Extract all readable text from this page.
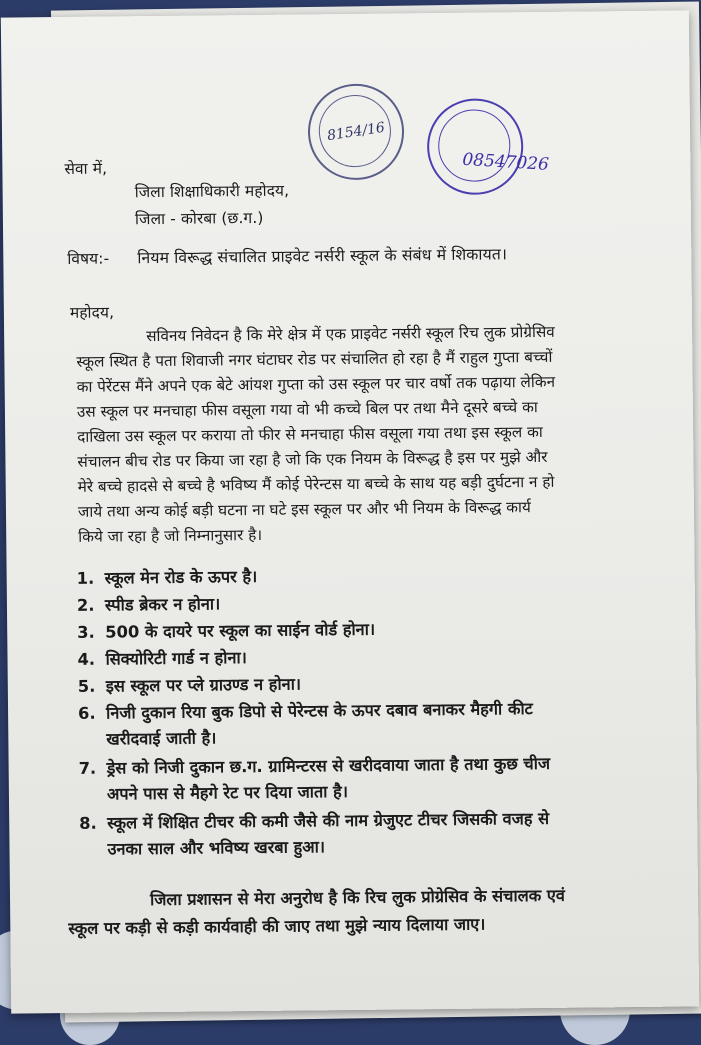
8154/16
08547026
सेवा में,
जिला शिक्षाधिकारी महोदय,
जिला - कोरबा (छ.ग.)
विषय:- नियम विरूद्ध संचालित प्राइवेट नर्सरी स्कूल के संबंध में शिकायत।
महोदय,
सविनय निवेदन है कि मेरे क्षेत्र में एक प्राइवेट नर्सरी स्कूल रिच लुक प्रोग्रेसिव
स्कूल स्थित है पता शिवाजी नगर घंटाघर रोड पर संचालित हो रहा है मैं राहुल गुप्ता बच्चों
का पेरेंटस मैंने अपने एक बेटे आंयश गुप्ता को उस स्कूल पर चार वर्षो तक पढ़ाया लेकिन
उस स्कूल पर मनचाहा फीस वसूला गया वो भी कच्चे बिल पर तथा मैने दूसरे बच्चे का
दाखिला उस स्कूल पर कराया तो फीर से मनचाहा फीस वसूला गया तथा इस स्कूल का
संचालन बीच रोड पर किया जा रहा है जो कि एक नियम के विरूद्ध है इस पर मुझे और
मेरे बच्चे हादसे से बच्चे है भविष्य मैं कोई पेरेन्टस या बच्चे के साथ यह बड़ी दुर्घटना न हो
जाये तथा अन्य कोई बड़ी घटना ना घटे इस स्कूल पर और भी नियम के विरूद्ध कार्य
किये जा रहा है जो निम्नानुसार है।
1. स्कूल मेन रोड के ऊपर है।
2. स्पीड ब्रेकर न होना।
3. 500 के दायरे पर स्कूल का साईन वोर्ड होना।
4. सिक्योरिटी गार्ड न होना।
5. इस स्कूल पर प्ले ग्राउण्ड न होना।
6. निजी दुकान रिया बुक डिपो से पेरेन्टस के ऊपर दबाव बनाकर मैहगी कीट
खरीदवाई जाती है।
7. ड्रेस को निजी दुकान छ.ग. ग्रामिन्टरस से खरीदवाया जाता है तथा कुछ चीज
अपने पास से मैहगे रेट पर दिया जाता है।
8. स्कूल में शिक्षित टीचर की कमी जैसे की नाम ग्रेजुएट टीचर जिसकी वजह से
उनका साल और भविष्य खरबा हुआ।
जिला प्रशासन से मेरा अनुरोध है कि रिच लुक प्रोग्रेसिव के संचालक एवं
स्कूल पर कड़ी से कड़ी कार्यवाही की जाए तथा मुझे न्याय दिलाया जाए।
